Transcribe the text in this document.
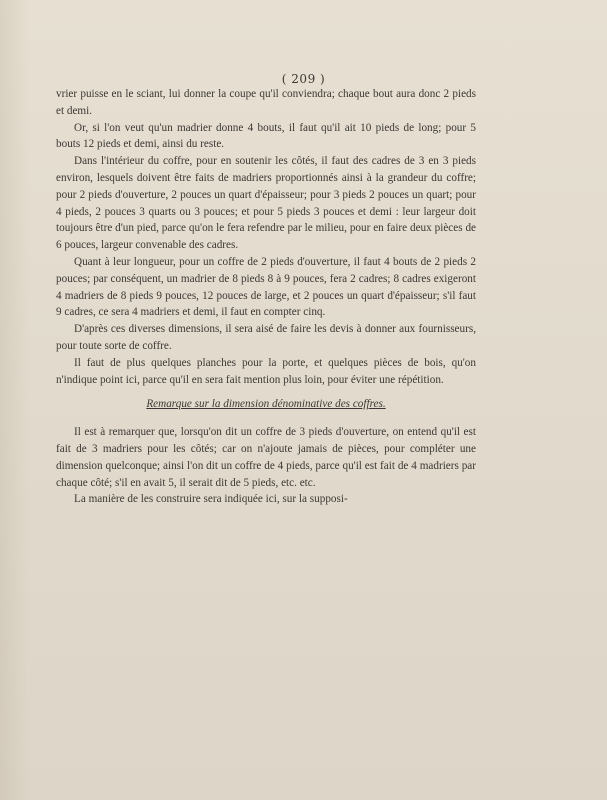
( 209 )

vrier puisse en le sciant, lui donner la coupe qu'il conviendra; chaque bout aura donc 2 pieds et demi.

Or, si l'on veut qu'un madrier donne 4 bouts, il faut qu'il ait 10 pieds de long; pour 5 bouts 12 pieds et demi, ainsi du reste.

Dans l'intérieur du coffre, pour en soutenir les côtés, il faut des cadres de 3 en 3 pieds environ, lesquels doivent être faits de madriers proportionnés ainsi à la grandeur du coffre; pour 2 pieds d'ouverture, 2 pouces un quart d'épaisseur; pour 3 pieds 2 pouces un quart; pour 4 pieds, 2 pouces 3 quarts ou 3 pouces; et pour 5 pieds 3 pouces et demi : leur largeur doit toujours être d'un pied, parce qu'on le fera refendre par le milieu, pour en faire deux pièces de 6 pouces, largeur convenable des cadres.

Quant à leur longueur, pour un coffre de 2 pieds d'ouverture, il faut 4 bouts de 2 pieds 2 pouces; par conséquent, un madrier de 8 pieds 8 à 9 pouces, fera 2 cadres; 8 cadres exigeront 4 madriers de 8 pieds 9 pouces, 12 pouces de large, et 2 pouces un quart d'épaisseur; s'il faut 9 cadres, ce sera 4 madriers et demi, il faut en compter cinq.

D'après ces diverses dimensions, il sera aisé de faire les devis à donner aux fournisseurs, pour toute sorte de coffre.

Il faut de plus quelques planches pour la porte, et quelques pièces de bois, qu'on n'indique point ici, parce qu'il en sera fait mention plus loin, pour éviter une répétition.

Remarque sur la dimension dénominative des coffres.

Il est à remarquer que, lorsqu'on dit un coffre de 3 pieds d'ouverture, on entend qu'il est fait de 3 madriers pour les côtés; car on n'ajoute jamais de pièces, pour compléter une dimension quelconque; ainsi l'on dit un coffre de 4 pieds, parce qu'il est fait de 4 madriers par chaque côté; s'il en avait 5, il serait dit de 5 pieds, etc. etc.

La manière de les construire sera indiquée ici, sur la supposi-
